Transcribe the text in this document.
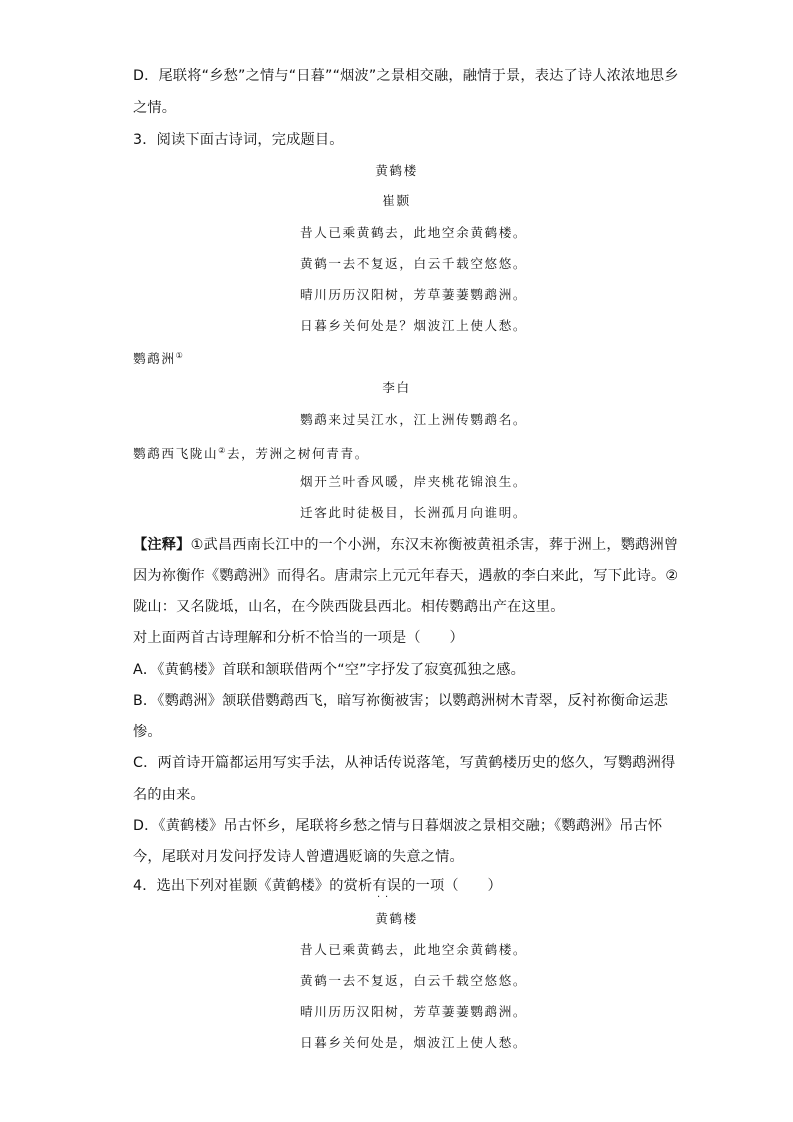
D．尾联将“乡愁”之情与“日暮”“烟波”之景相交融，融情于景，表达了诗人浓浓地思乡
之情。
3．阅读下面古诗词，完成题目。
黄鹤楼
崔颢
昔人已乘黄鹤去，此地空余黄鹤楼。
黄鹤一去不复返，白云千载空悠悠。
晴川历历汉阳树，芳草萋萋鹦鹉洲。
日暮乡关何处是？烟波江上使人愁。
鹦鹉洲①
李白
鹦鹉来过吴江水，江上洲传鹦鹉名。
鹦鹉西飞陇山②去，芳洲之树何青青。
烟开兰叶香风暖，岸夹桃花锦浪生。
迁客此时徒极目，长洲孤月向谁明。
【注释】①武昌西南长江中的一个小洲，东汉末祢衡被黄祖杀害，葬于洲上，鹦鹉洲曾
因为祢衡作《鹦鹉洲》而得名。唐肃宗上元元年春天，遇赦的李白来此，写下此诗。②
陇山：又名陇坻，山名，在今陕西陇县西北。相传鹦鹉出产在这里。
对上面两首古诗理解和分析不恰当的一项是（　　）
A．《黄鹤楼》首联和颔联借两个“空”字抒发了寂寞孤独之感。
B．《鹦鹉洲》颔联借鹦鹉西飞，暗写祢衡被害；以鹦鹉洲树木青翠，反衬祢衡命运悲
惨。
C．两首诗开篇都运用写实手法，从神话传说落笔，写黄鹤楼历史的悠久，写鹦鹉洲得
名的由来。
D．《黄鹤楼》吊古怀乡，尾联将乡愁之情与日暮烟波之景相交融；《鹦鹉洲》吊古怀
今，尾联对月发问抒发诗人曾遭遇贬谪的失意之情。
4．选出下列对崔颢《黄鹤楼》的赏析有误的一项（　　）
· ·
黄鹤楼
昔人已乘黄鹤去，此地空余黄鹤楼。
黄鹤一去不复返，白云千载空悠悠。
晴川历历汉阳树，芳草萋萋鹦鹉洲。
日暮乡关何处是，烟波江上使人愁。
